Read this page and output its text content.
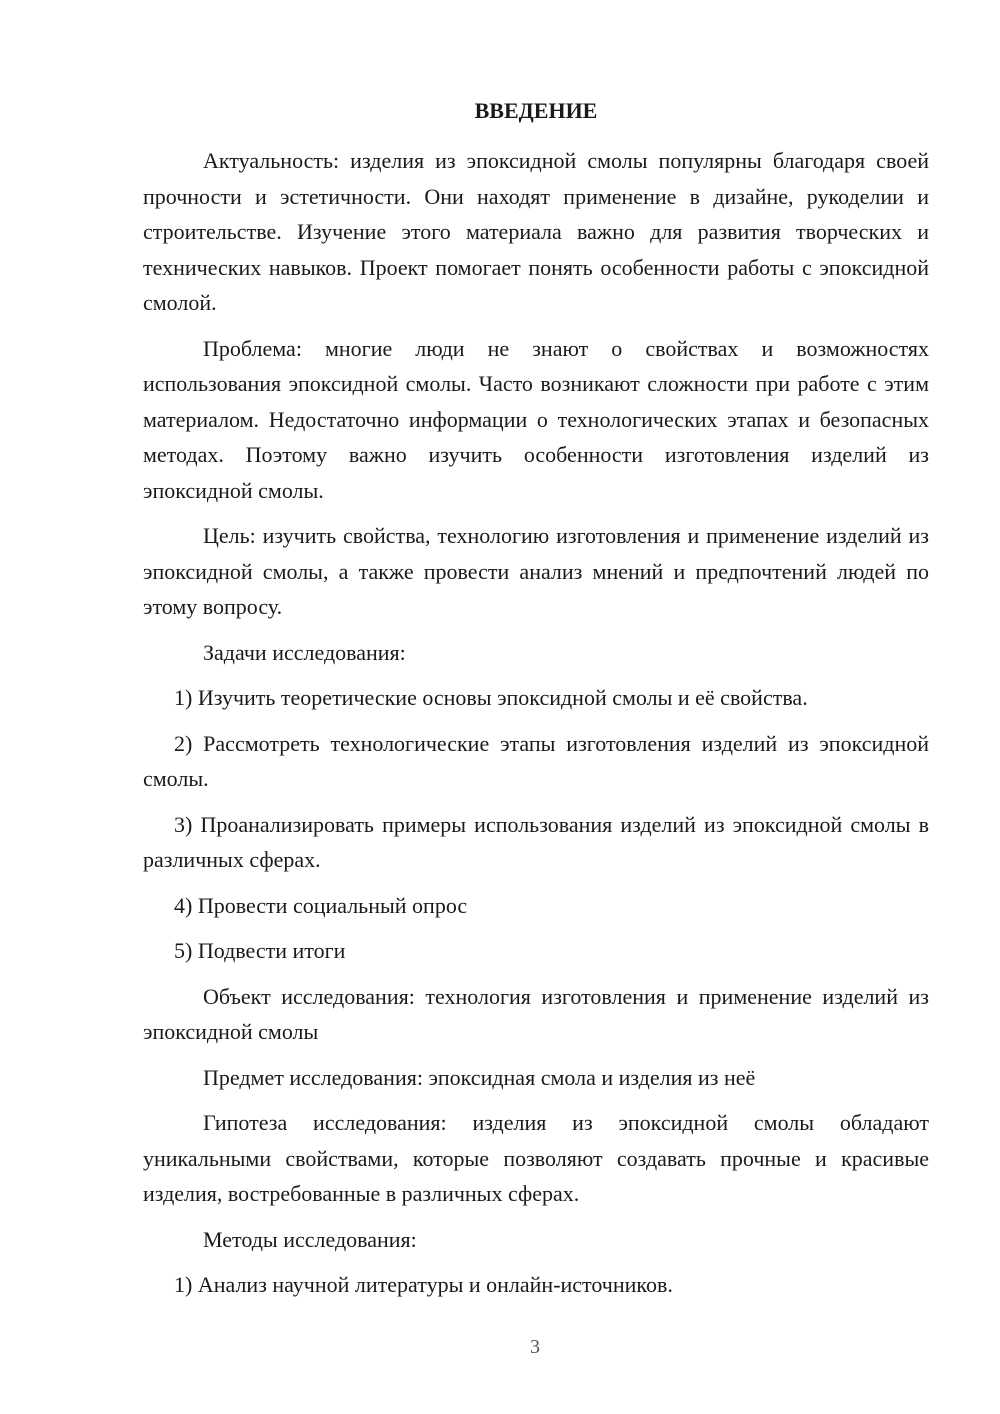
ВВЕДЕНИЕ

Актуальность: изделия из эпоксидной смолы популярны благодаря своей прочности и эстетичности. Они находят применение в дизайне, рукоделии и строительстве. Изучение этого материала важно для развития творческих и технических навыков. Проект помогает понять особенности работы с эпоксидной смолой.

Проблема: многие люди не знают о свойствах и возможностях использования эпоксидной смолы. Часто возникают сложности при работе с этим материалом. Недостаточно информации о технологических этапах и безопасных методах. Поэтому важно изучить особенности изготовления изделий из эпоксидной смолы.

Цель: изучить свойства, технологию изготовления и применение изделий из эпоксидной смолы, а также провести анализ мнений и предпочтений людей по этому вопросу.

Задачи исследования:

1) Изучить теоретические основы эпоксидной смолы и её свойства.

2) Рассмотреть технологические этапы изготовления изделий из эпоксидной смолы.

3) Проанализировать примеры использования изделий из эпоксидной смолы в различных сферах.

4) Провести социальный опрос

5) Подвести итоги

Объект исследования: технология изготовления и применение изделий из эпоксидной смолы

Предмет исследования: эпоксидная смола и изделия из неё

Гипотеза исследования: изделия из эпоксидной смолы обладают уникальными свойствами, которые позволяют создавать прочные и красивые изделия, востребованные в различных сферах.

Методы исследования:

1) Анализ научной литературы и онлайн-источников.

3
